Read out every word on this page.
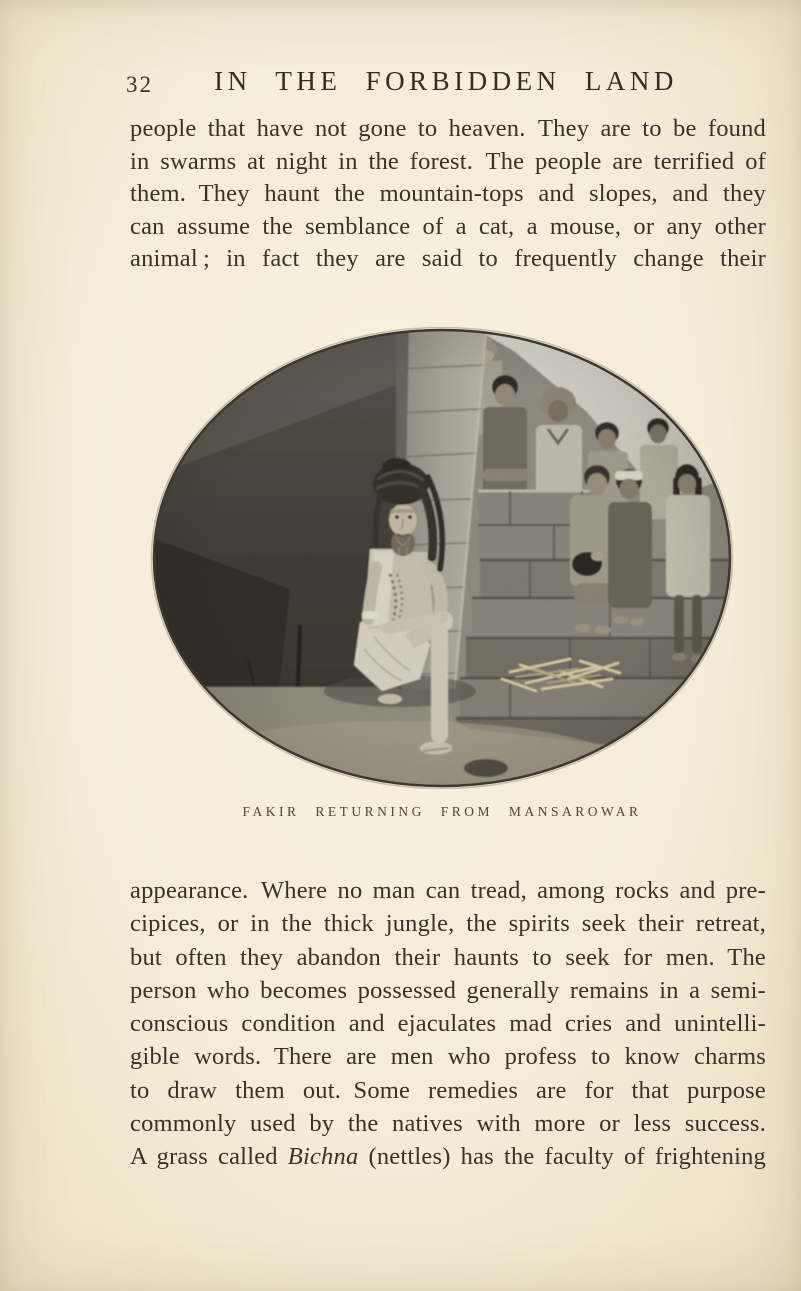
32	IN THE FORBIDDEN LAND
people that have not gone to heaven. They are to be found
in swarms at night in the forest. The people are terrified of
them. They haunt the mountain-tops and slopes, and they
can assume the semblance of a cat, a mouse, or any other
animal ; in fact they are said to frequently change their
FAKIR RETURNING FROM MANSAROWAR
appearance. Where no man can tread, among rocks and pre-
cipices, or in the thick jungle, the spirits seek their retreat,
but often they abandon their haunts to seek for men. The
person who becomes possessed generally remains in a semi-
conscious condition and ejaculates mad cries and unintelli-
gible words. There are men who profess to know charms
to draw them out. Some remedies are for that purpose
commonly used by the natives with more or less success.
A grass called Bichna (nettles) has the faculty of frightening
